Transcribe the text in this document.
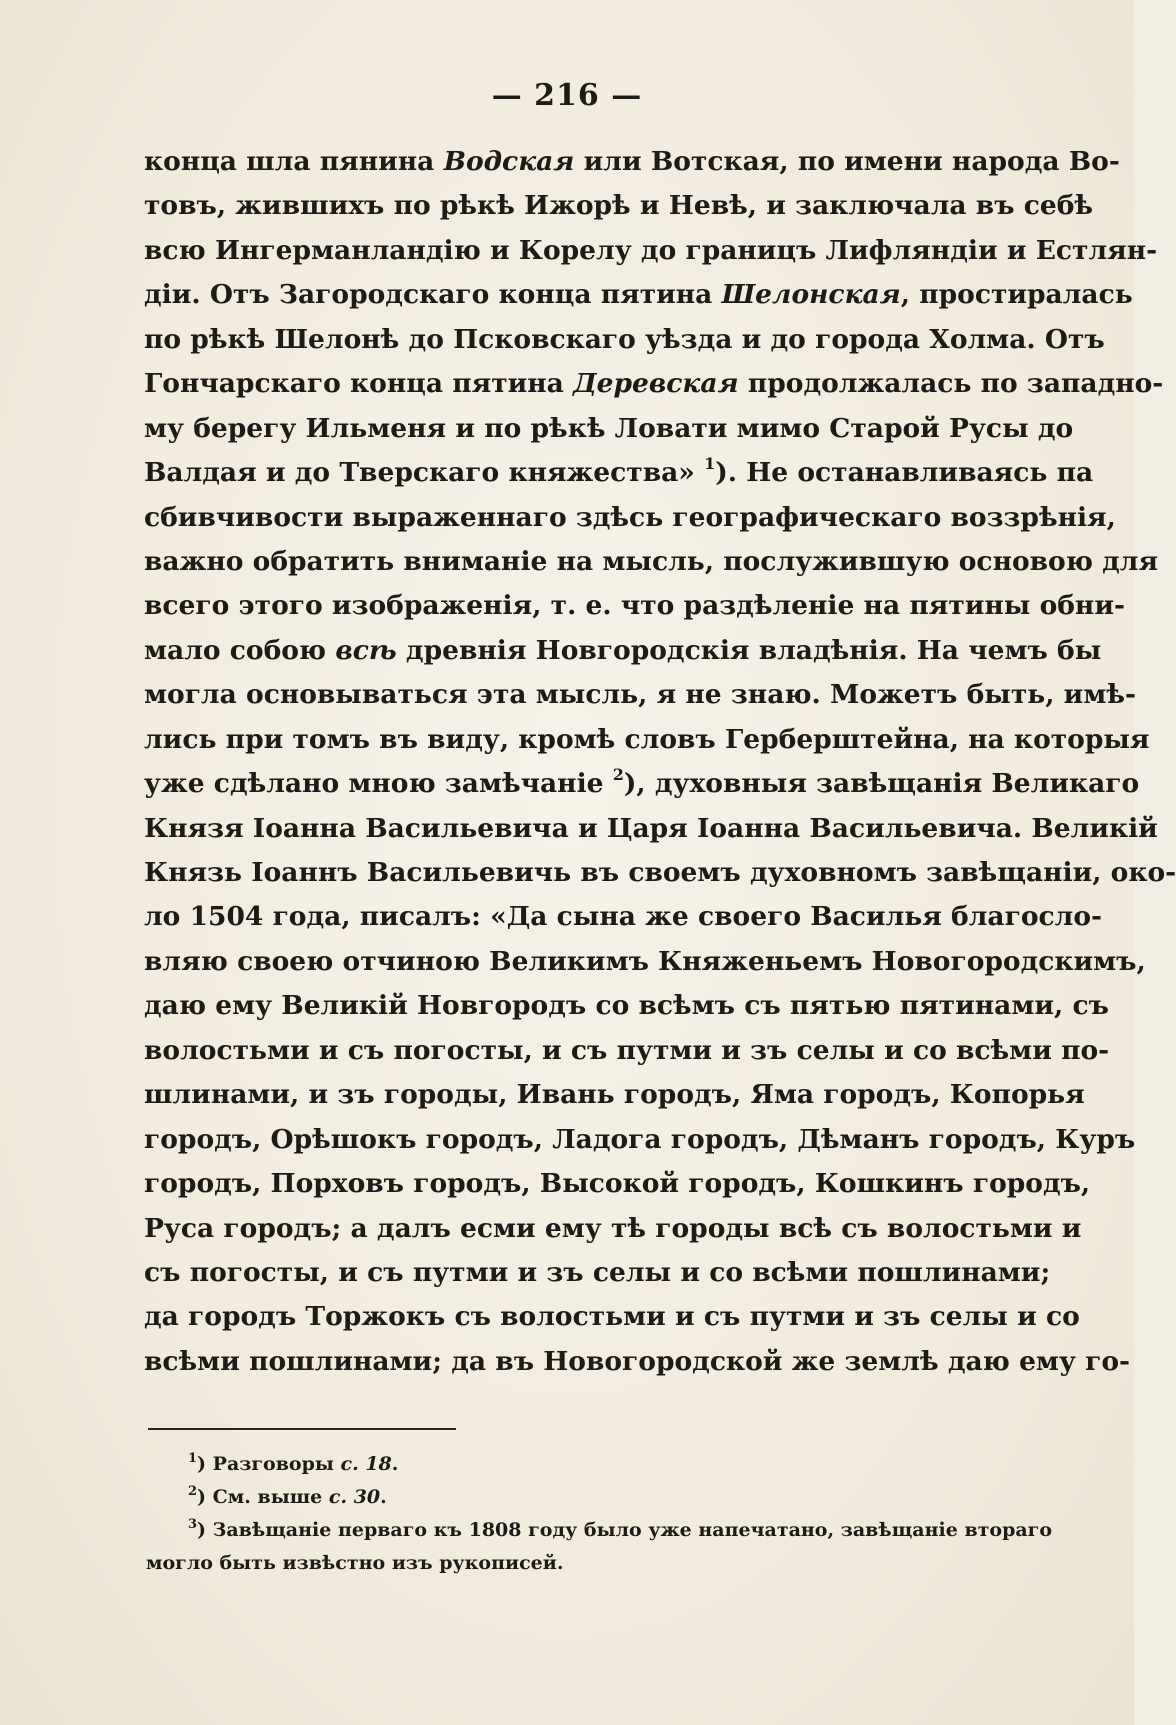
— 216 —
конца шла пянина Водская или Вотская, по имени народа Во-
товъ, жившихъ по рѣкѣ Ижорѣ и Невѣ, и заключала въ себѣ
всю Ингерманландію и Корелу до границъ Лифляндіи и Естлян-
діи. Отъ Загородскаго конца пятина Шелонская, простиралась
по рѣкѣ Шелонѣ до Псковскаго уѣзда и до города Холма. Отъ
Гончарскаго конца пятина Деревская продолжалась по западно-
му берегу Ильменя и по рѣкѣ Ловати мимо Старой Русы до
Валдая и до Тверскаго княжества» $^1$). Не останавливаясь па
сбивчивости выраженнаго здѣсь географическаго воззрѣнія,
важно обратить вниманіе на мысль, послужившую основою для
всего этого изображенія, т. е. что раздѣленіе на пятины обни-
мало собою всѣ древнія Новгородскія владѣнія. На чемъ бы
могла основываться эта мысль, я не знаю. Можетъ быть, имѣ-
лись при томъ въ виду, кромѣ словъ Герберштейна, на которыя
уже сдѣлано мною замѣчаніе $^2$), духовныя завѣщанія Великаго
Князя Іоанна Васильевича и Царя Іоанна Васильевича. Великій
Князь Іоаннъ Васильевичь въ своемъ духовномъ завѣщаніи, око-
ло 1504 года, писалъ: «Да сына же своего Василья благосло-
вляю своею отчиною Великимъ Княженьемъ Новогородскимъ,
даю ему Великій Новгородъ со всѣмъ съ пятью пятинами, съ
волостьми и съ погосты, и съ путми и зъ селы и со всѣми по-
шлинами, и зъ городы, Ивань городъ, Яма городъ, Копорья
городъ, Орѣшокъ городъ, Ладога городъ, Дѣманъ городъ, Куръ
городъ, Порховъ городъ, Высокой городъ, Кошкинъ городъ,
Руса городъ; а далъ есми ему тѣ городы всѣ съ волостьми и
съ погосты, и съ путми и зъ селы и со всѣми пошлинами;
да городъ Торжокъ съ волостьми и съ путми и зъ селы и со
всѣми пошлинами; да въ Новогородской же землѣ даю ему го-
$^1$) Разговоры с. 18.
$^2$) См. выше с. 30.
$^3$) Завѣщаніе перваго къ 1808 году было уже напечатано, завѣщаніе втораго
могло быть извѣстно изъ рукописей.
